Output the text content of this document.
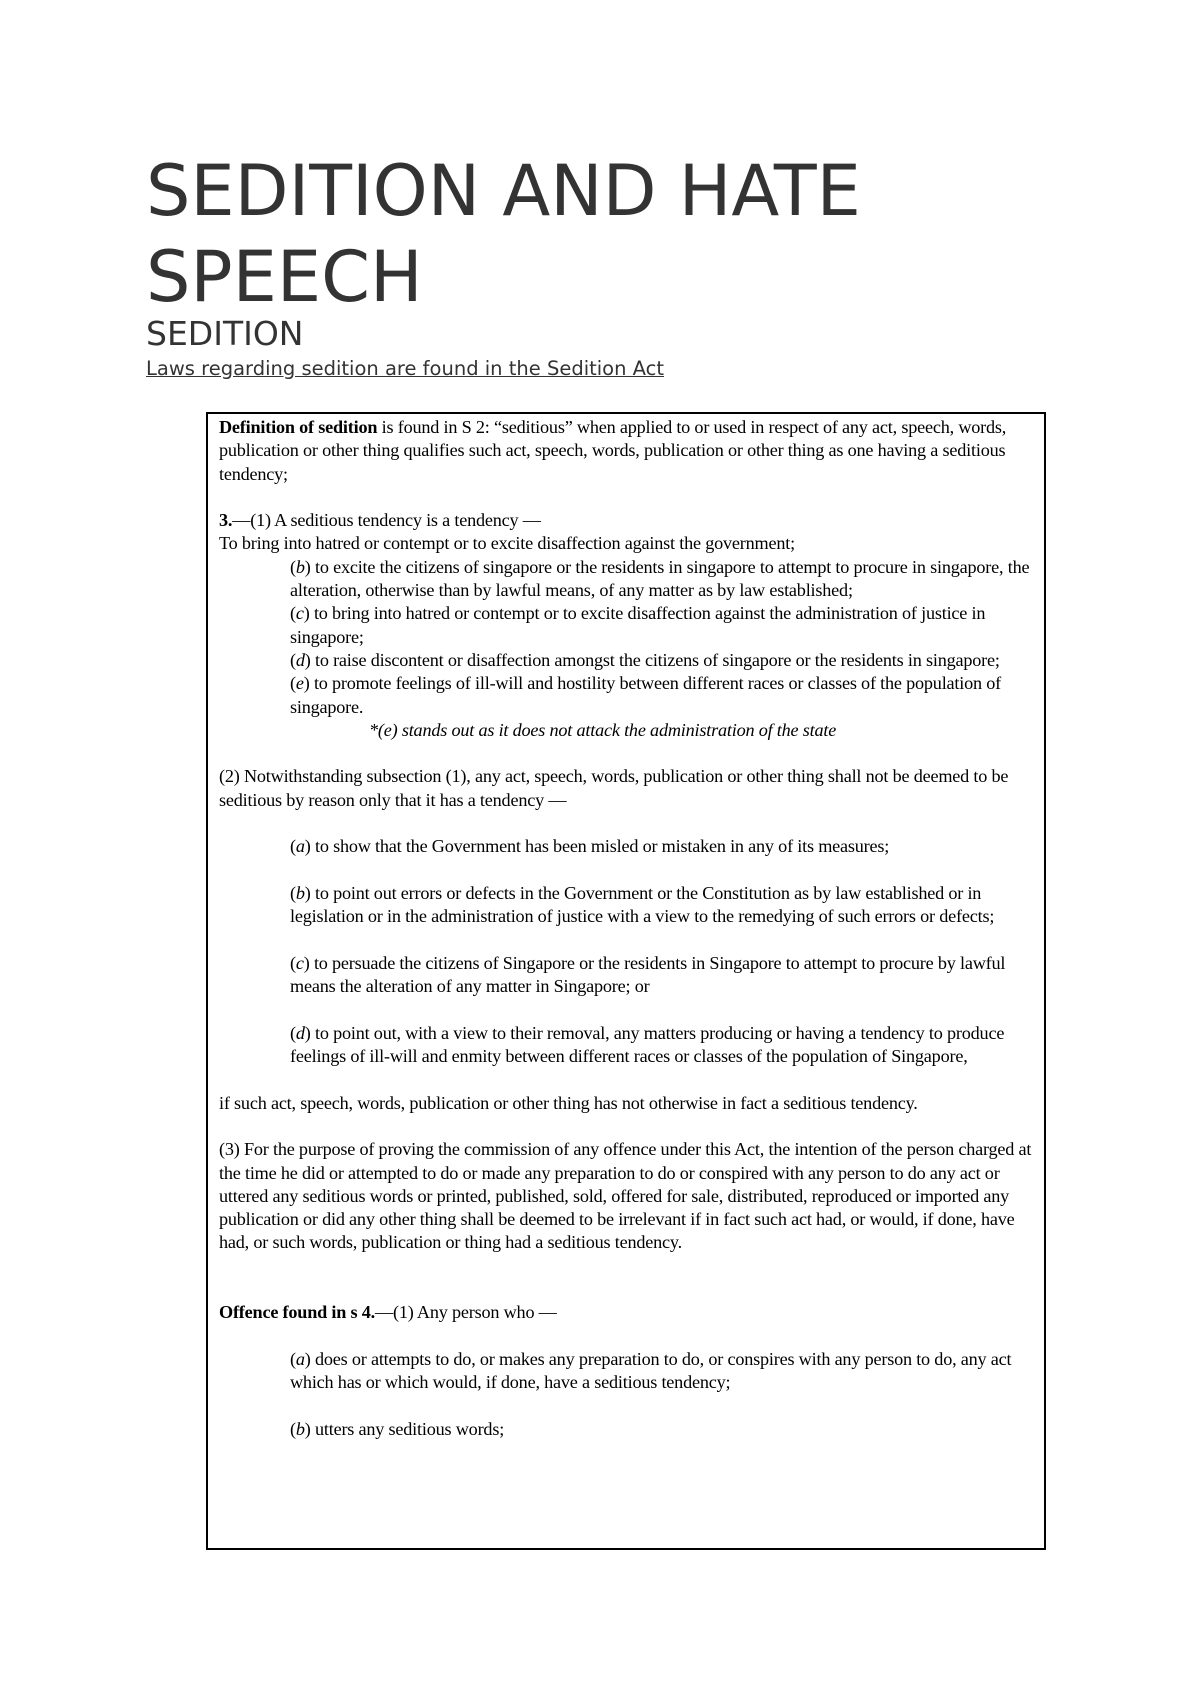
SEDITION AND HATE SPEECH
SEDITION

Laws regarding sedition are found in the Sedition Act

Definition of sedition is found in S 2: “seditious” when applied to or used in respect of any act, speech, words, publication or other thing qualifies such act, speech, words, publication or other thing as one having a seditious tendency;

3.—(1) A seditious tendency is a tendency —

To bring into hatred or contempt or to excite disaffection against the government;

(b) to excite the citizens of singapore or the residents in singapore to attempt to procure in singapore, the alteration, otherwise than by lawful means, of any matter as by law established;

(c) to bring into hatred or contempt or to excite disaffection against the administration of justice in singapore;

(d) to raise discontent or disaffection amongst the citizens of singapore or the residents in singapore;

(e) to promote feelings of ill-will and hostility between different races or classes of the population of singapore.

*(e) stands out as it does not attack the administration of the state

(2) Notwithstanding subsection (1), any act, speech, words, publication or other thing shall not be deemed to be seditious by reason only that it has a tendency —

(a) to show that the Government has been misled or mistaken in any of its measures;

(b) to point out errors or defects in the Government or the Constitution as by law established or in legislation or in the administration of justice with a view to the remedying of such errors or defects;

(c) to persuade the citizens of Singapore or the residents in Singapore to attempt to procure by lawful means the alteration of any matter in Singapore; or

(d) to point out, with a view to their removal, any matters producing or having a tendency to produce feelings of ill-will and enmity between different races or classes of the population of Singapore,

if such act, speech, words, publication or other thing has not otherwise in fact a seditious tendency.

(3) For the purpose of proving the commission of any offence under this Act, the intention of the person charged at the time he did or attempted to do or made any preparation to do or conspired with any person to do any act or uttered any seditious words or printed, published, sold, offered for sale, distributed, reproduced or imported any publication or did any other thing shall be deemed to be irrelevant if in fact such act had, or would, if done, have had, or such words, publication or thing had a seditious tendency.

Offence found in s 4.—(1) Any person who —

(a) does or attempts to do, or makes any preparation to do, or conspires with any person to do, any act which has or which would, if done, have a seditious tendency;

(b) utters any seditious words;
